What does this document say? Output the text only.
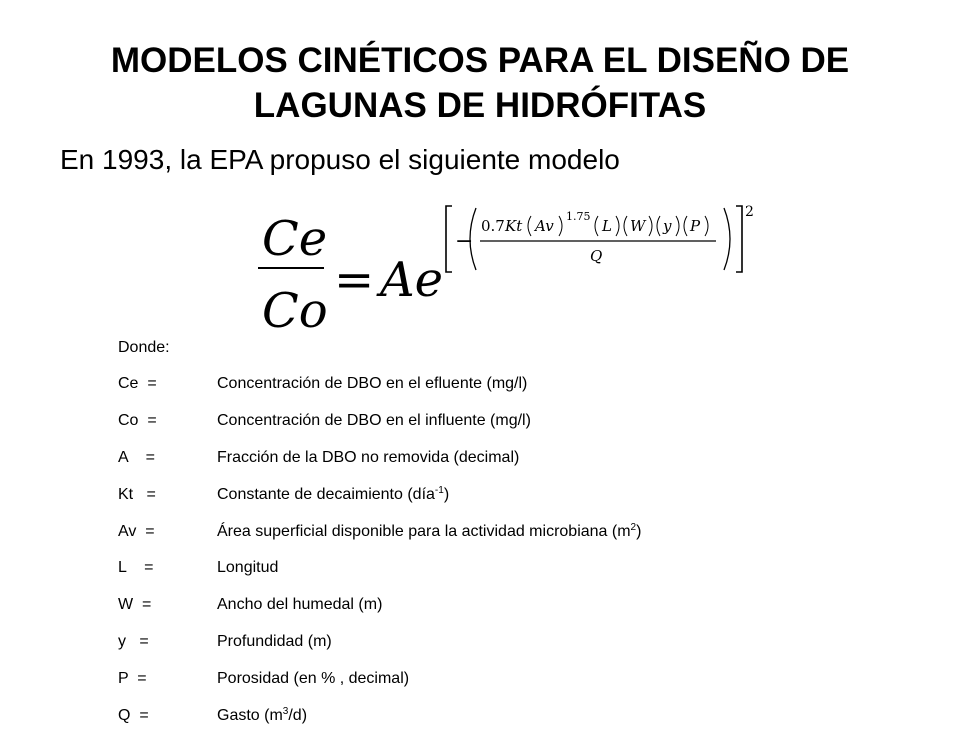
MODELOS CINÉTICOS PARA EL DISEÑO DE
LAGUNAS DE HIDRÓFITAS
En 1993, la EPA propuso el siguiente modelo
Ce
Co
= Ae
2
−
0.7 Kt Av
1.75
L W y P
Q
Donde:
Ce  =	Concentración de DBO en el efluente (mg/l)
Co  =	Concentración de DBO en el influente (mg/l)
A    =	Fracción de la DBO no removida (decimal)
Kt   =	Constante de decaimiento (día$^{-1}$)
Av  =	Área superficial disponible para la actividad microbiana $(m^2)$
L    =	Longitud
W  =	Ancho del humedal (m)
y   =	Profundidad (m)
P  =	Porosidad (en % , decimal)
Q  =	Gasto $(m^3/d)$
